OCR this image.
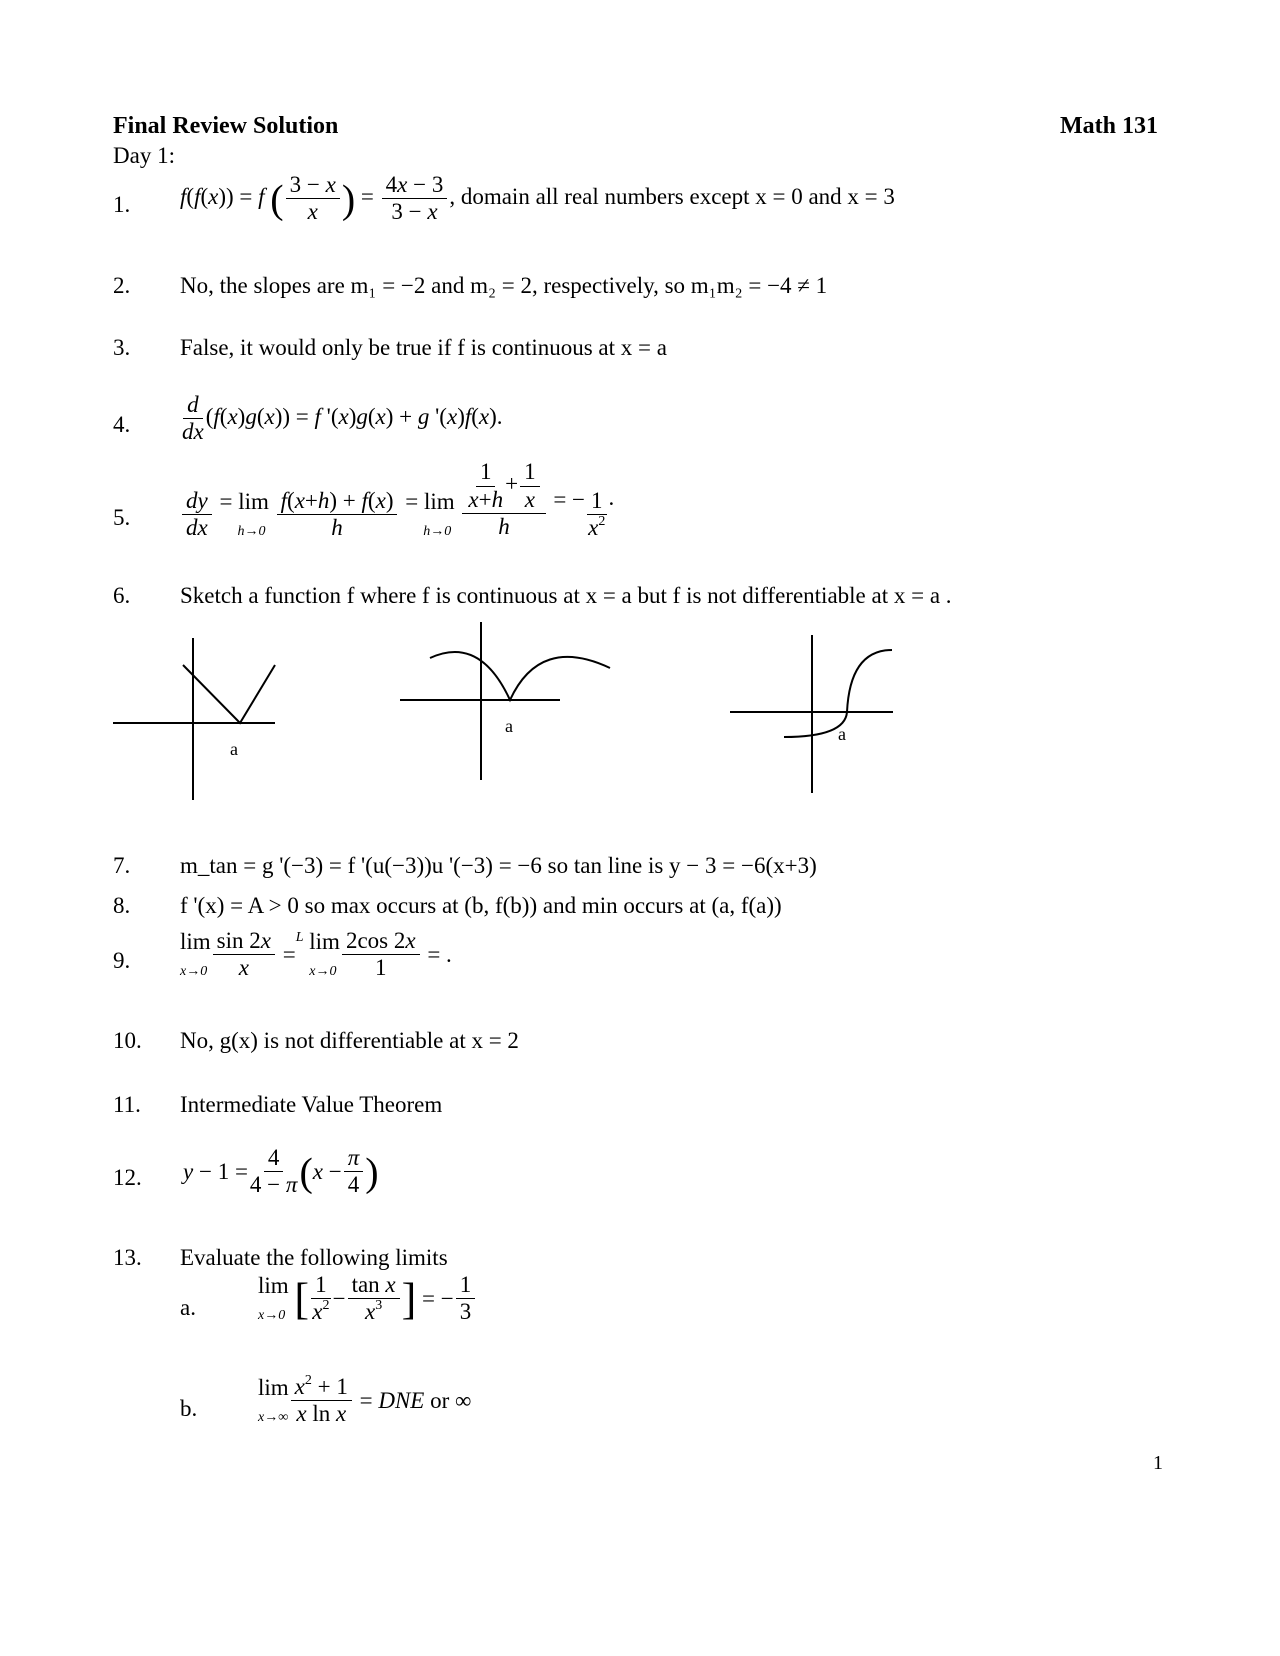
Final Review Solution	Math 131
Day 1:
1. f(f(x)) = f ( $\frac{3 - x}{x}$ ) = $\frac{4x - 3}{3 - x}$ , domain all real numbers except x = 0 and x = 3
2. No, the slopes are m₁ = −2 and m₂ = 2, respectively, so m₁m₂ = −4 ≠ 1
3. False, it would only be true if f is continuous at x = a
4. $\frac{d}{dx} (f(x)g(x)) = f$ '(x)g(x) + g '(x)f(x).
5. $\frac{dy}{dx} = \lim$
$h\to 0 \frac{f(x+h) + f(x)}{h} = \lim$
$h\to 0 \frac{\frac{1}{x+h} + \frac{1}{x}}{h}$ = − $\frac{1}{x^2}$ .
6. Sketch a function f where f is continuous at x = a but f is not differentiable at x = a .
a
a	a
7. m_tan = g '(−3) = f '(u(−3))u '(−3) = −6 so tan line is y − 3 = −6(x+3)
8. f '(x) = A > 0 so max occurs at (b, f(b)) and min occurs at (a, f(a))
9.
lim
$x\to 0 \frac{\sin 2x}{x} =^L$ lim
$x\to 0 \frac{2\cos 2x}{1}$ = .
10. No, g(x) is not differentiable at x = 2
11. Intermediate Value Theorem
12. $y - 1 = \frac{4}{4 - \pi} (x - \frac{\pi}{4}$ )
13. Evaluate the following limits
a.
lim
x→0 [ $\frac{1}{x^2} - \frac{\text{tan x}}{x^3}$ ] = − $\frac{1}{3}$
b.
lim
$x\to\infty \frac{x^2 + 1}{\text{x ln x}}$ = DNE or ∞
1
